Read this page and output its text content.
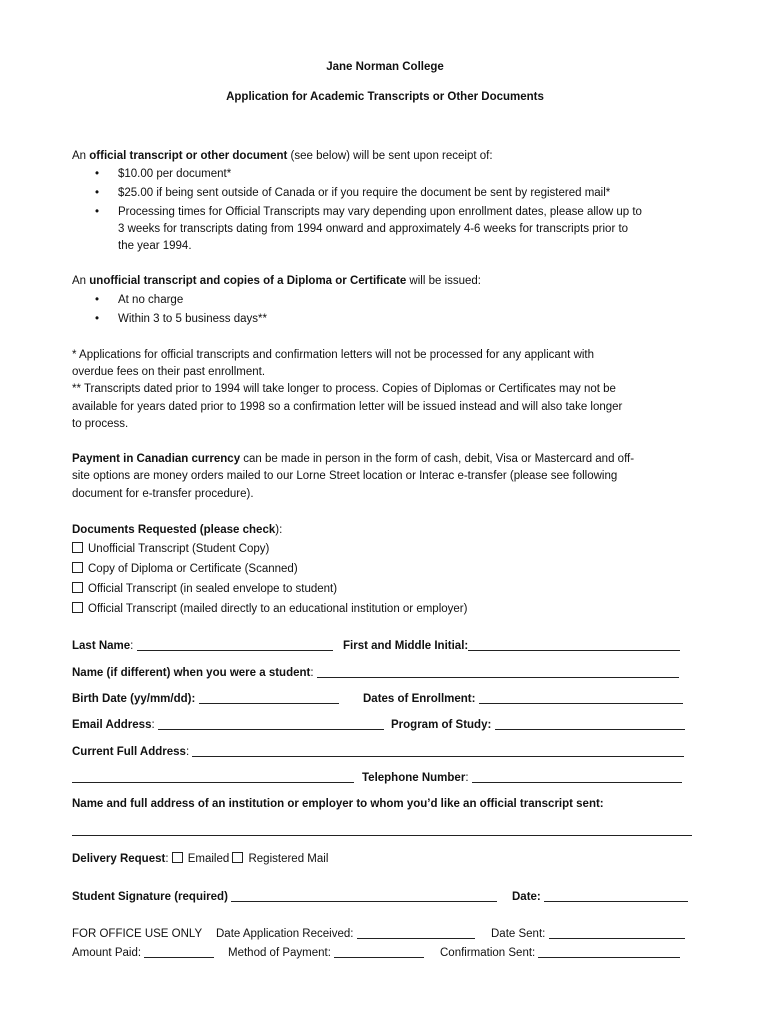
Jane Norman College
Application for Academic Transcripts or Other Documents
An official transcript or other document (see below) will be sent upon receipt of:
• $10.00 per document*
• $25.00 if being sent outside of Canada or if you require the document be sent by registered mail*
• Processing times for Official Transcripts may vary depending upon enrollment dates, please allow up to
3 weeks for transcripts dating from 1994 onward and approximately 4-6 weeks for transcripts prior to
the year 1994.
An unofficial transcript and copies of a Diploma or Certificate will be issued:
• At no charge
• Within 3 to 5 business days**
* Applications for official transcripts and confirmation letters will not be processed for any applicant with
overdue fees on their past enrollment.
** Transcripts dated prior to 1994 will take longer to process. Copies of Diplomas or Certificates may not be
available for years dated prior to 1998 so a confirmation letter will be issued instead and will also take longer
to process.
Payment in Canadian currency can be made in person in the form of cash, debit, Visa or Mastercard and off-
site options are money orders mailed to our Lorne Street location or Interac e-transfer (please see following
document for e-transfer procedure).
Documents Requested (please check):
Unofficial Transcript (Student Copy)
Copy of Diploma or Certificate (Scanned)
Official Transcript (in sealed envelope to student)
Official Transcript (mailed directly to an educational institution or employer)
Last Name:	First and Middle Initial:
Name (if different) when you were a student:
Birth Date (yy/mm/dd):	Dates of Enrollment:
Email Address:	Program of Study:
Current Full Address:
Telephone Number:
Name and full address of an institution or employer to whom you’d like an official transcript sent:
Delivery Request: Emailed Registered Mail
Student Signature (required)	Date:
FOR OFFICE USE ONLY Date Application Received:	Date Sent:
Amount Paid:	Method of Payment:	Confirmation Sent:
